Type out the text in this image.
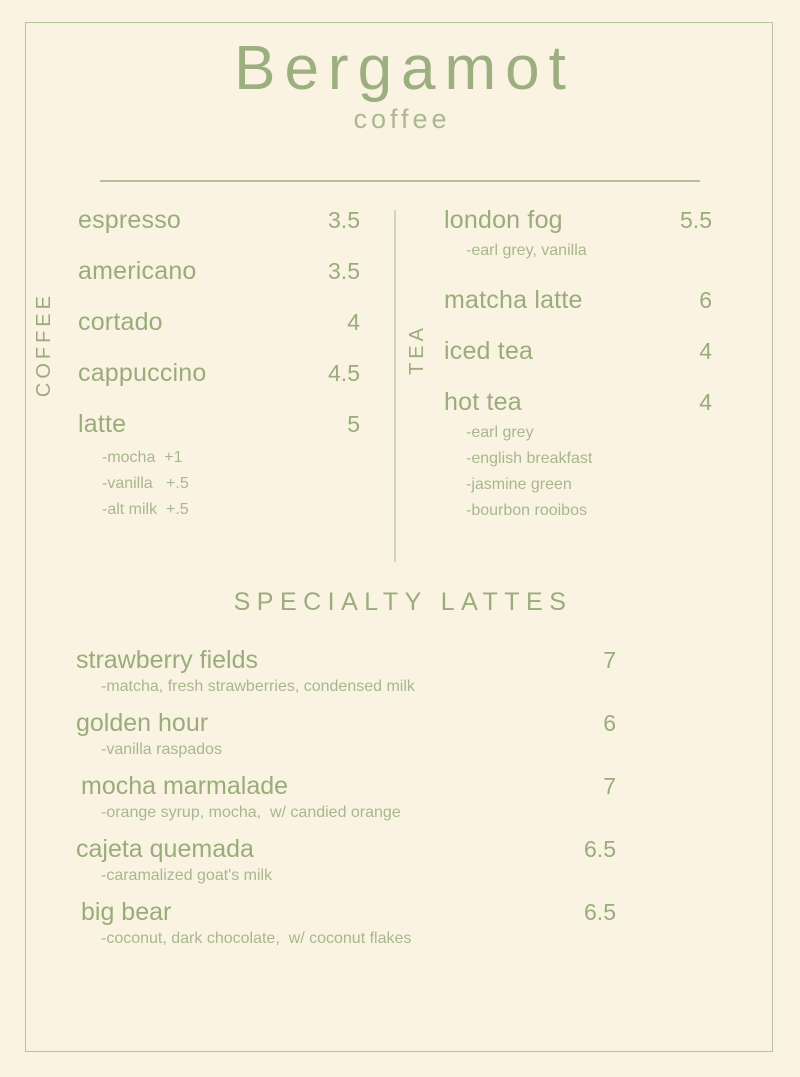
Bergamot
coffee
COFFEE
espresso	3.5
americano	3.5
cortado	4
cappuccino	4.5
latte	5
-mocha  +1
-vanilla   +.5
-alt milk  +.5
TEA
london fog	5.5
-earl grey, vanilla
matcha latte	6
iced tea	4
hot tea	4
-earl grey
-english breakfast
-jasmine green
-bourbon rooibos
SPECIALTY LATTES
strawberry fields	7
-matcha, fresh strawberries, condensed milk
golden hour	6
-vanilla raspados
mocha marmalade	7
-orange syrup, mocha,  w/ candied orange
cajeta quemada	6.5
-caramalized goat's milk
big bear	6.5
-coconut, dark chocolate,  w/ coconut flakes
